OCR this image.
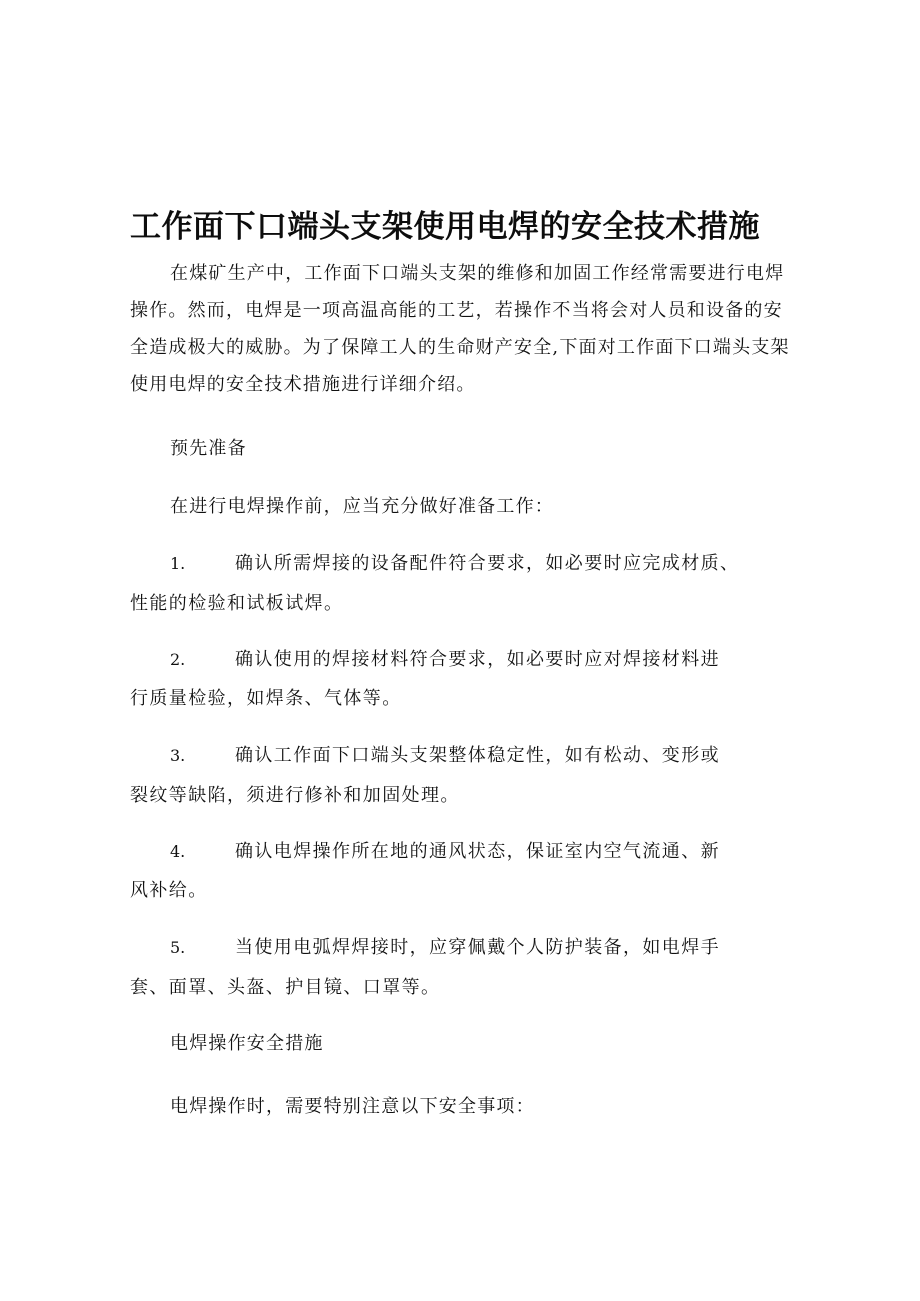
工作面下口端头支架使用电焊的安全技术措施

在煤矿生产中，工作面下口端头支架的维修和加固工作经常需要进行电焊操作。然而，电焊是一项高温高能的工艺，若操作不当将会对人员和设备的安全造成极大的威胁。为了保障工人的生命财产安全,下面对工作面下口端头支架使用电焊的安全技术措施进行详细介绍。

预先准备
在进行电焊操作前，应当充分做好准备工作：
1.	确认所需焊接的设备配件符合要求，如必要时应完成材质、
性能的检验和试板试焊。
2.	确认使用的焊接材料符合要求，如必要时应对焊接材料进
行质量检验，如焊条、气体等。
3.	确认工作面下口端头支架整体稳定性，如有松动、变形或
裂纹等缺陷，须进行修补和加固处理。
4.	确认电焊操作所在地的通风状态，保证室内空气流通、新
风补给。
5.	当使用电弧焊焊接时，应穿佩戴个人防护装备，如电焊手
套、面罩、头盔、护目镜、口罩等。
电焊操作安全措施
电焊操作时，需要特别注意以下安全事项：
